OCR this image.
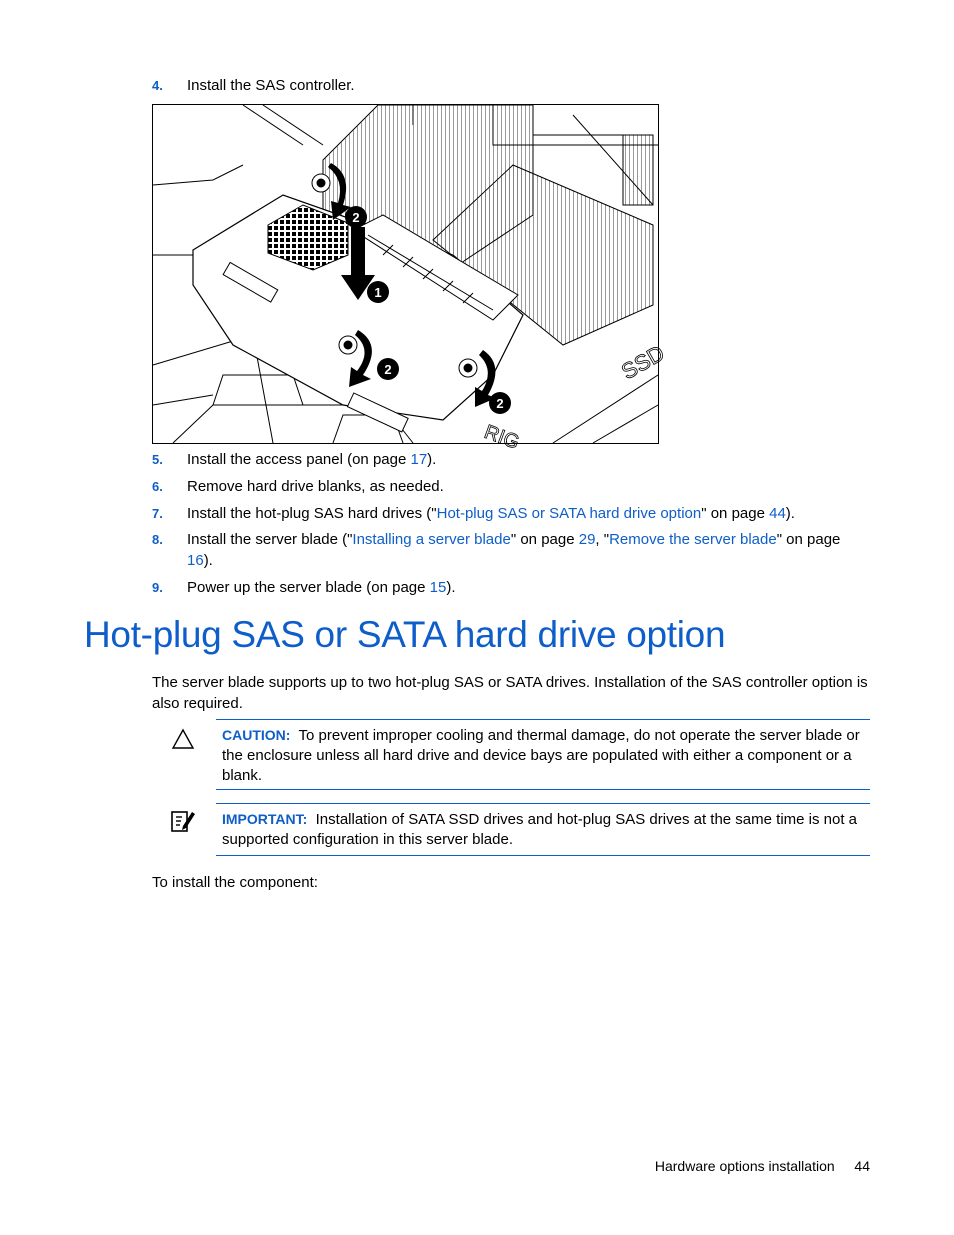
4. Install the SAS controller.
1
2
2
2
SSD
RIG
5. Install the access panel (on page 17).
6. Remove hard drive blanks, as needed.
7. Install the hot-plug SAS hard drives ("Hot-plug SAS or SATA hard drive option" on page 44).
8. Install the server blade ("Installing a server blade" on page 29, "Remove the server blade" on page
16).
9. Power up the server blade (on page 15).
Hot-plug SAS or SATA hard drive option
The server blade supports up to two hot-plug SAS or SATA drives. Installation of the SAS controller option is also required.
CAUTION: To prevent improper cooling and thermal damage, do not operate the server blade or the enclosure unless all hard drive and device bays are populated with either a component or a blank.
IMPORTANT: Installation of SATA SSD drives and hot-plug SAS drives at the same time is not a supported configuration in this server blade.
To install the component:
Hardware options installation 44
